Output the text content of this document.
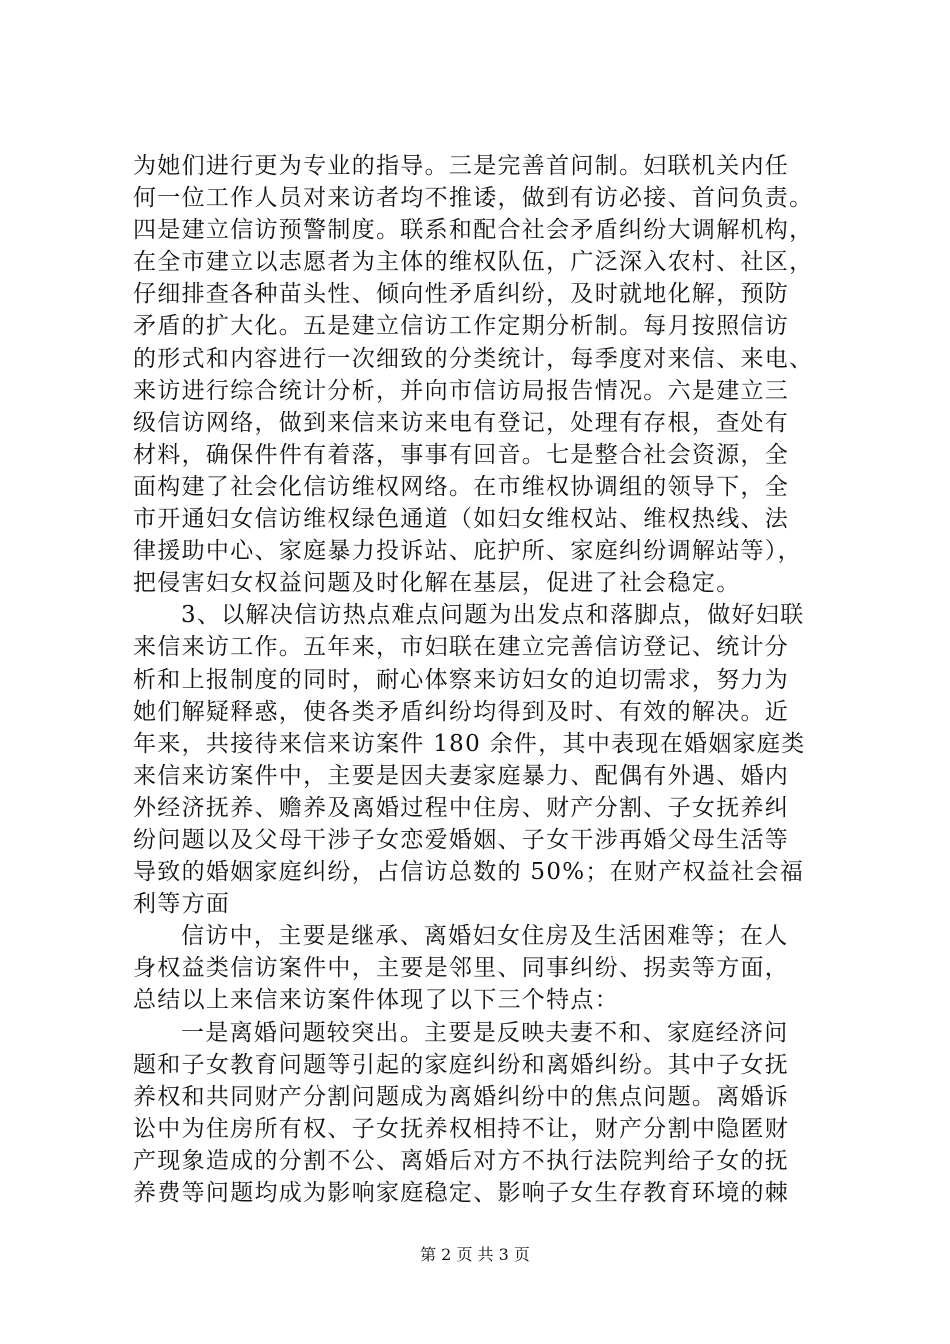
为她们进行更为专业的指导。三是完善首问制。妇联机关内任
何一位工作人员对来访者均不推诿，做到有访必接、首问负责。
四是建立信访预警制度。联系和配合社会矛盾纠纷大调解机构，
在全市建立以志愿者为主体的维权队伍，广泛深入农村、社区，
仔细排查各种苗头性、倾向性矛盾纠纷，及时就地化解，预防
矛盾的扩大化。五是建立信访工作定期分析制。每月按照信访
的形式和内容进行一次细致的分类统计，每季度对来信、来电、
来访进行综合统计分析，并向市信访局报告情况。六是建立三
级信访网络，做到来信来访来电有登记，处理有存根，查处有
材料，确保件件有着落，事事有回音。七是整合社会资源，全
面构建了社会化信访维权网络。在市维权协调组的领导下，全
市开通妇女信访维权绿色通道（如妇女维权站、维权热线、法
律援助中心、家庭暴力投诉站、庇护所、家庭纠纷调解站等），
把侵害妇女权益问题及时化解在基层，促进了社会稳定。
3、以解决信访热点难点问题为出发点和落脚点，做好妇联
来信来访工作。五年来，市妇联在建立完善信访登记、统计分
析和上报制度的同时，耐心体察来访妇女的迫切需求，努力为
她们解疑释惑，使各类矛盾纠纷均得到及时、有效的解决。近
年来，共接待来信来访案件 180 余件，其中表现在婚姻家庭类
来信来访案件中，主要是因夫妻家庭暴力、配偶有外遇、婚内
外经济抚养、赡养及离婚过程中住房、财产分割、子女抚养纠
纷问题以及父母干涉子女恋爱婚姻、子女干涉再婚父母生活等
导致的婚姻家庭纠纷，占信访总数的 50%；在财产权益社会福
利等方面
信访中，主要是继承、离婚妇女住房及生活困难等；在人
身权益类信访案件中，主要是邻里、同事纠纷、拐卖等方面，
总结以上来信来访案件体现了以下三个特点：
一是离婚问题较突出。主要是反映夫妻不和、家庭经济问
题和子女教育问题等引起的家庭纠纷和离婚纠纷。其中子女抚
养权和共同财产分割问题成为离婚纠纷中的焦点问题。离婚诉
讼中为住房所有权、子女抚养权相持不让，财产分割中隐匿财
产现象造成的分割不公、离婚后对方不执行法院判给子女的抚
养费等问题均成为影响家庭稳定、影响子女生存教育环境的棘
第 2 页 共 3 页
